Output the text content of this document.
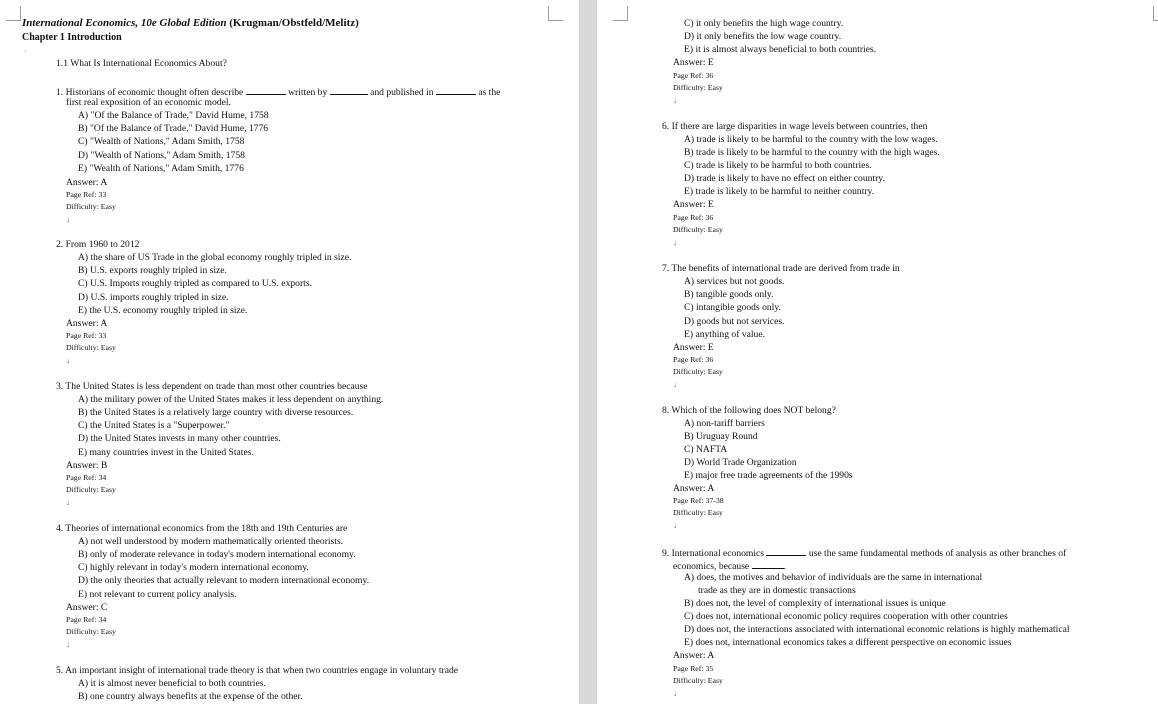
International Economics, 10e Global Edition (Krugman/Obstfeld/Melitz)
Chapter 1 Introduction
·
1.1 What Is International Economics About?
1. Historians of economic thought often describe	written by	and published in	as the
first real exposition of an economic model.
A) "Of the Balance of Trade," David Hume, 1758
B) "Of the Balance of Trade," David Hume, 1776
C) "Wealth of Nations," Adam Smith, 1758
D) "Wealth of Nations," Adam Smith, 1758
E) "Wealth of Nations," Adam Smith, 1776
Answer: A
Page Ref: 33
Difficulty: Easy
↓
2. From 1960 to 2012
A) the share of US Trade in the global economy roughly tripled in size.
B) U.S. exports roughly tripled in size.
C) U.S. Imports roughly tripled as compared to U.S. exports.
D) U.S. imports roughly tripled in size.
E) the U.S. economy roughly tripled in size.
Answer: A
Page Ref: 33
Difficulty: Easy
↓
3. The United States is less dependent on trade than most other countries because
A) the military power of the United States makes it less dependent on anything.
B) the United States is a relatively large country with diverse resources.
C) the United States is a "Superpower."
D) the United States invests in many other countries.
E) many countries invest in the United States.
Answer: B
Page Ref: 34
Difficulty: Easy
↓
4. Theories of international economics from the 18th and 19th Centuries are
A) not well understood by modern mathematically oriented theorists.
B) only of moderate relevance in today's modern international economy.
C) highly relevant in today's modern international economy.
D) the only theories that actually relevant to modern international economy.
E) not relevant to current policy analysis.
Answer: C
Page Ref: 34
Difficulty: Easy
↓
5. An important insight of international trade theory is that when two countries engage in voluntary trade
A) it is almost never beneficial to both countries.
B) one country always benefits at the expense of the other.
C) it only benefits the high wage country.
D) it only benefits the low wage country.
E) it is almost always beneficial to both countries.
Answer: E
Page Ref: 36
Difficulty: Easy
↓
6. If there are large disparities in wage levels between countries, then
A) trade is likely to be harmful to the country with the low wages.
B) trade is likely to be harmful to the country with the high wages.
C) trade is likely to be harmful to both countries.
D) trade is likely to have no effect on either country.
E) trade is likely to be harmful to neither country.
Answer: E
Page Ref: 36
Difficulty: Easy
↓
7. The benefits of international trade are derived from trade in
A) services but not goods.
B) tangible goods only.
C) intangible goods only.
D) goods but not services.
E) anything of value.
Answer: E
Page Ref: 36
Difficulty: Easy
↓
8. Which of the following does NOT belong?
A) non-tariff barriers
B) Uruguay Round
C) NAFTA
D) World Trade Organization
E) major free trade agreements of the 1990s
Answer: A
Page Ref: 37-38
Difficulty: Easy
↓
9. International economics	use the same fundamental methods of analysis as other branches of
economics, because	.
A) does, the motives and behavior of individuals are the same in international
trade as they are in domestic transactions
B) does not, the level of complexity of international issues is unique
C) does not, international economic policy requires cooperation with other countries
D) does not, the interactions associated with international economic relations is highly mathematical
E) does not, international economics takes a different perspective on economic issues
Answer: A
Page Ref: 35
Difficulty: Easy
↓
